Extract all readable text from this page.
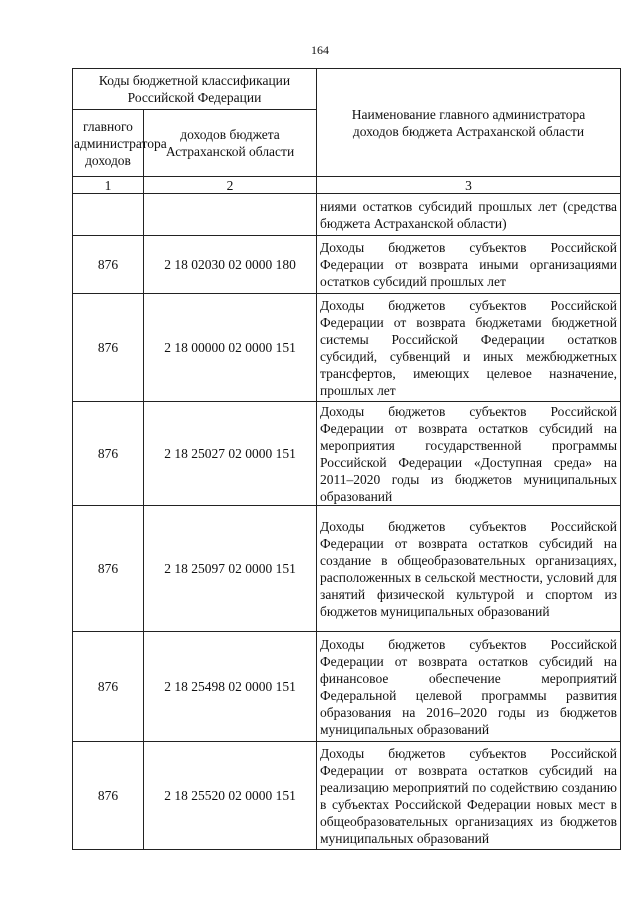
164
Коды бюджетной классификации Российской Федерации		Наименование главного администратора доходов бюджета Астраханской области
главного администратора доходов	доходов бюджета Астраханской области	
1	2	3
		ниями остатков субсидий прошлых лет (средства бюджета Астраханской области)
876	2 18 02030 02 0000 180	Доходы бюджетов субъектов Российской Федерации от возврата иными организациями остатков субсидий прошлых лет
876	2 18 00000 02 0000 151	Доходы бюджетов субъектов Российской Федерации от возврата бюджетами бюджетной системы Российской Федерации остатков субсидий, субвенций и иных межбюджетных трансфертов, имеющих целевое назначение, прошлых лет
876	2 18 25027 02 0000 151	Доходы бюджетов субъектов Российской Федерации от возврата остатков субсидий на мероприятия государственной программы Российской Федерации «Доступная среда» на 2011–2020 годы из бюджетов муниципальных образований
876	2 18 25097 02 0000 151	Доходы бюджетов субъектов Российской Федерации от возврата остатков субсидий на создание в общеобразовательных организациях, расположенных в сельской местности, условий для занятий физической культурой и спортом из бюджетов муниципальных образований
876	2 18 25498 02 0000 151	Доходы бюджетов субъектов Российской Федерации от возврата остатков субсидий на финансовое обеспечение мероприятий Федеральной целевой программы развития образования на 2016–2020 годы из бюджетов муниципальных образований
876	2 18 25520 02 0000 151	Доходы бюджетов субъектов Российской Федерации от возврата остатков субсидий на реализацию мероприятий по содействию созданию в субъектах Российской Федерации новых мест в общеобразовательных организациях из бюджетов муниципальных образований
